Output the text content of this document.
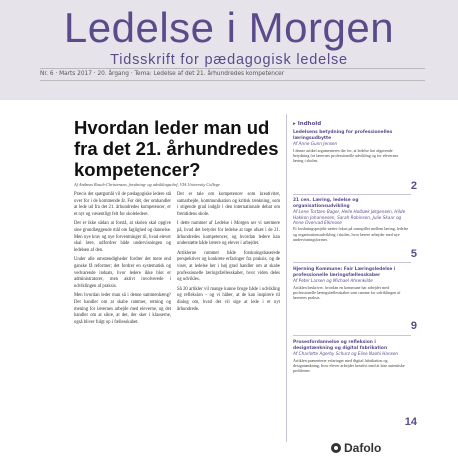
Ledelse i Morgen
Tidsskrift for pædagogisk ledelse
Nr. 6 · Marts 2017 · 20. årgang · Tema: Ledelse af det 21. århundredes kompetencer
Hvordan leder man ud fra det 21. århundredes kompetencer?
Af Andreas Rasch-Christensen, forskning- og udviklingschef, VIA University College

Præcis det spørgsmål vil de pædagogiske ledere stå over for i de kommende år. For dét, der omhandler at lede ud fra det 21. århundredes kompetencer, er et nyt og væsentligt felt for skoleledere.

Det er ikke sådan at forstå, at skolen skal opgive sine grundlæggende mål om faglighed og dannelse. Men nye krav og nye forventninger til, hvad elever skal lære, udfordrer både undervisningen og ledelsen af den.

Under alle omstændigheder fordrer det mere end ganske få reformer; det fordrer en systematisk og vedvarende indsats, hvor ledere ikke blot er administratorer, men aktivt involverede i udviklingen af praksis.

Men hvordan leder man så i denne sammenhæng? Det handler om at skabe rammer, retning og mening for lærernes arbejde med eleverne, og det handler om at sikre, at det, der sker i klasserne, også bliver fulgt op i fællesskabet.

Der er tale om kompetencer som kreativitet, samarbejde, kommunikation og kritisk tænkning, som i stigende grad indgår i den internationale debat om fremtidens skole.

I dette nummer af Ledelse i Morgen ser vi nærmere på, hvad det betyder for ledelse at tage afsæt i de 21. århundredes kompetencer, og hvordan ledere kan understøtte både lærere og elever i arbejdet.

Artiklerne rummer både forskningsbaserede perspektiver og konkrete erfaringer fra praksis, og de viser, at ledelse her i høj grad handler om at skabe professionelle læringsfællesskaber, hvor viden deles og udvikles.

Så 20 artikler vil mange kunne bruge både i udvikling og refleksion – og vi håber, at de kan inspirere til dialog om, hvad det vil sige at lede i et nyt århundrede.

▸ Indhold
Ledelsens betydning for professionelles læringsudbytte
Af Anne Gunn Jensen
I denne artikel argumenteres der for, at ledelse har afgørende betydning for lærernes professionelle udvikling og for elevernes læring i skolen.
2
21 cen. Læring, ledelse og organisationsudvikling
Af Lene Tortzen Bager, Helle Holbæk Jørgensen, Hilde Hakkon Johannesen, Sarah Robinson, Julie Skaar og Anne Overvad Elkmose
Et forskningsprojekt sætter fokus på samspillet mellem læring, ledelse og organisationsudvikling i skolen, hvor lærere arbejder med nye undervisningsformer.
5
Hjerning Kommune: Fair Læringsledelse i professionelle læringsfællesskaber
Af Peter Larsen og Michael Ahrenkilde
Artiklen beskriver, hvordan en kommune har arbejdet med professionelle læringsfællesskaber som ramme for udviklingen af lærernes praksis.
9
Prosesfordannelse og refleksion i designtænkning og digital fabrikation
Af Charlotte Agerby Schurz og Elise Naohi Hansen
Artiklen præsenterer erfaringer med digital fabrikation og designtænkning, hvor elever arbejder kreativt med at løse autentiske problemer.
14
Dafolo
